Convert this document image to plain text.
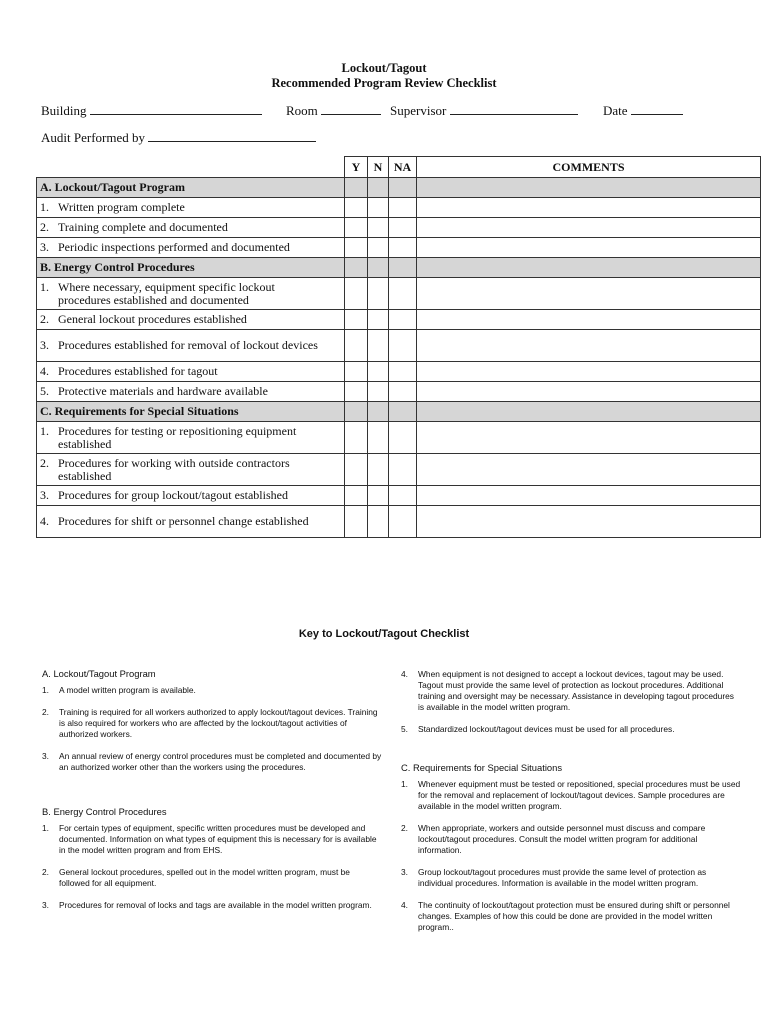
Lockout/Tagout
Recommended Program Review Checklist
Building	Room	Supervisor	Date
Audit Performed by
	Y	N	NA	COMMENTS
A. Lockout/Tagout Program				
1. Written program complete				
2. Training complete and documented				
3. Periodic inspections performed and documented				
B. Energy Control Procedures				
1. Where necessary, equipment specific lockout procedures established and documented				
2. General lockout procedures established				
3. Procedures established for removal of lockout devices				
4. Procedures established for tagout				
5. Protective materials and hardware available				
C. Requirements for Special Situations				
1. Procedures for testing or repositioning equipment established				
2. Procedures for working with outside contractors established				
3. Procedures for group lockout/tagout established				
4. Procedures for shift or personnel change established				
Key to Lockout/Tagout Checklist
A. Lockout/Tagout Program
1. A model written program is available.
2. Training is required for all workers authorized to apply lockout/tagout devices. Training is also required for workers who are affected by the lockout/tagout activities of authorized workers.
3. An annual review of energy control procedures must be completed and documented by an authorized worker other than the workers using the procedures.
B. Energy Control Procedures
1. For certain types of equipment, specific written procedures must be developed and documented. Information on what types of equipment this is necessary for is available in the model written program and from EHS.
2. General lockout procedures, spelled out in the model written program, must be followed for all equipment.
3. Procedures for removal of locks and tags are available in the model written program.
4. When equipment is not designed to accept a lockout devices, tagout may be used. Tagout must provide the same level of protection as lockout procedures. Additional training and oversight may be necessary. Assistance in developing tagout procedures is available in the model written program.
5. Standardized lockout/tagout devices must be used for all procedures.
C. Requirements for Special Situations
1. Whenever equipment must be tested or repositioned, special procedures must be used for the removal and replacement of lockout/tagout devices. Sample procedures are available in the model written program.
2. When appropriate, workers and outside personnel must discuss and compare lockout/tagout procedures. Consult the model written program for additional information.
3. Group lockout/tagout procedures must provide the same level of protection as individual procedures. Information is available in the model written program.
4. The continuity of lockout/tagout protection must be ensured during shift or personnel changes. Examples of how this could be done are provided in the model written program..
